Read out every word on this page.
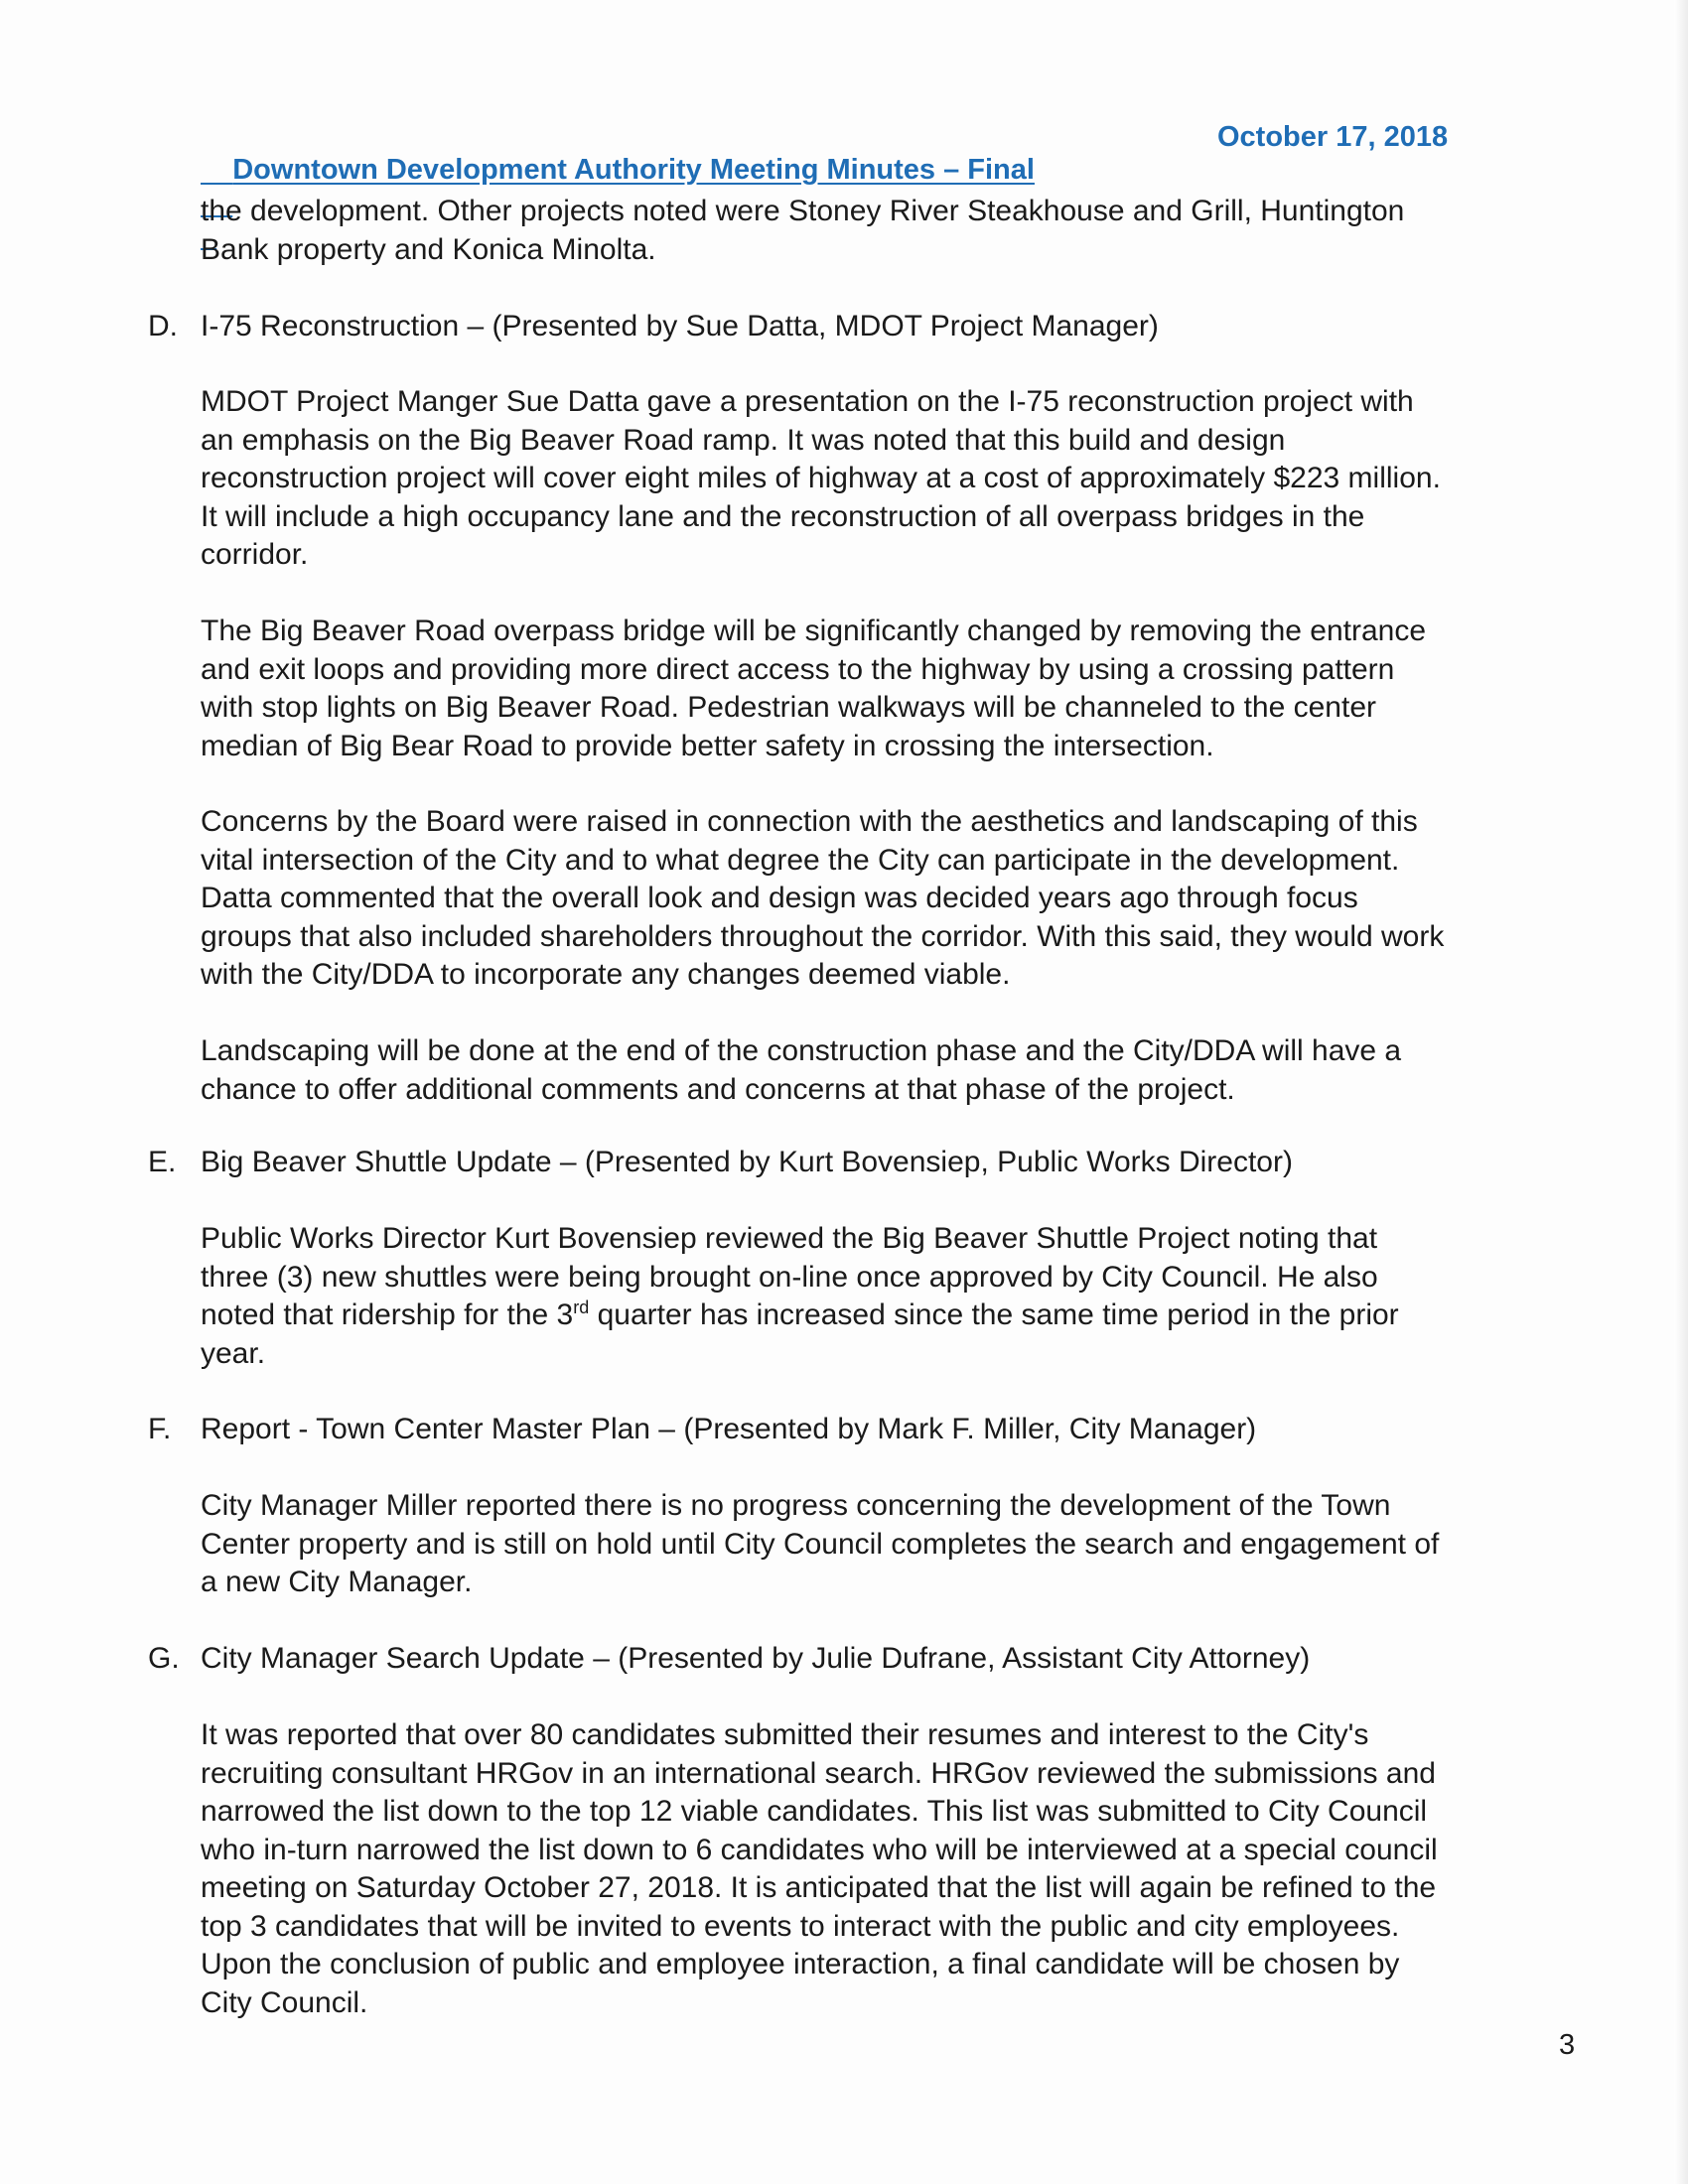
Downtown Development Authority Meeting Minutes – Final

October 17, 2018

the development. Other projects noted were Stoney River Steakhouse and Grill, Huntington
Bank property and Konica Minolta.
D. I-75 Reconstruction – (Presented by Sue Datta, MDOT Project Manager)
MDOT Project Manger Sue Datta gave a presentation on the I-75 reconstruction project with
an emphasis on the Big Beaver Road ramp. It was noted that this build and design
reconstruction project will cover eight miles of highway at a cost of approximately $223 million.
It will include a high occupancy lane and the reconstruction of all overpass bridges in the
corridor.
The Big Beaver Road overpass bridge will be significantly changed by removing the entrance
and exit loops and providing more direct access to the highway by using a crossing pattern
with stop lights on Big Beaver Road. Pedestrian walkways will be channeled to the center
median of Big Bear Road to provide better safety in crossing the intersection.
Concerns by the Board were raised in connection with the aesthetics and landscaping of this
vital intersection of the City and to what degree the City can participate in the development.
Datta commented that the overall look and design was decided years ago through focus
groups that also included shareholders throughout the corridor. With this said, they would work
with the City/DDA to incorporate any changes deemed viable.
Landscaping will be done at the end of the construction phase and the City/DDA will have a
chance to offer additional comments and concerns at that phase of the project.
E. Big Beaver Shuttle Update – (Presented by Kurt Bovensiep, Public Works Director)
Public Works Director Kurt Bovensiep reviewed the Big Beaver Shuttle Project noting that
three (3) new shuttles were being brought on-line once approved by City Council. He also
noted that ridership for the 3rd quarter has increased since the same time period in the prior
year.
F. Report - Town Center Master Plan – (Presented by Mark F. Miller, City Manager)
City Manager Miller reported there is no progress concerning the development of the Town
Center property and is still on hold until City Council completes the search and engagement of
a new City Manager.
G. City Manager Search Update – (Presented by Julie Dufrane, Assistant City Attorney)
It was reported that over 80 candidates submitted their resumes and interest to the City's
recruiting consultant HRGov in an international search. HRGov reviewed the submissions and
narrowed the list down to the top 12 viable candidates. This list was submitted to City Council
who in-turn narrowed the list down to 6 candidates who will be interviewed at a special council
meeting on Saturday October 27, 2018. It is anticipated that the list will again be refined to the
top 3 candidates that will be invited to events to interact with the public and city employees.
Upon the conclusion of public and employee interaction, a final candidate will be chosen by
City Council.
3
